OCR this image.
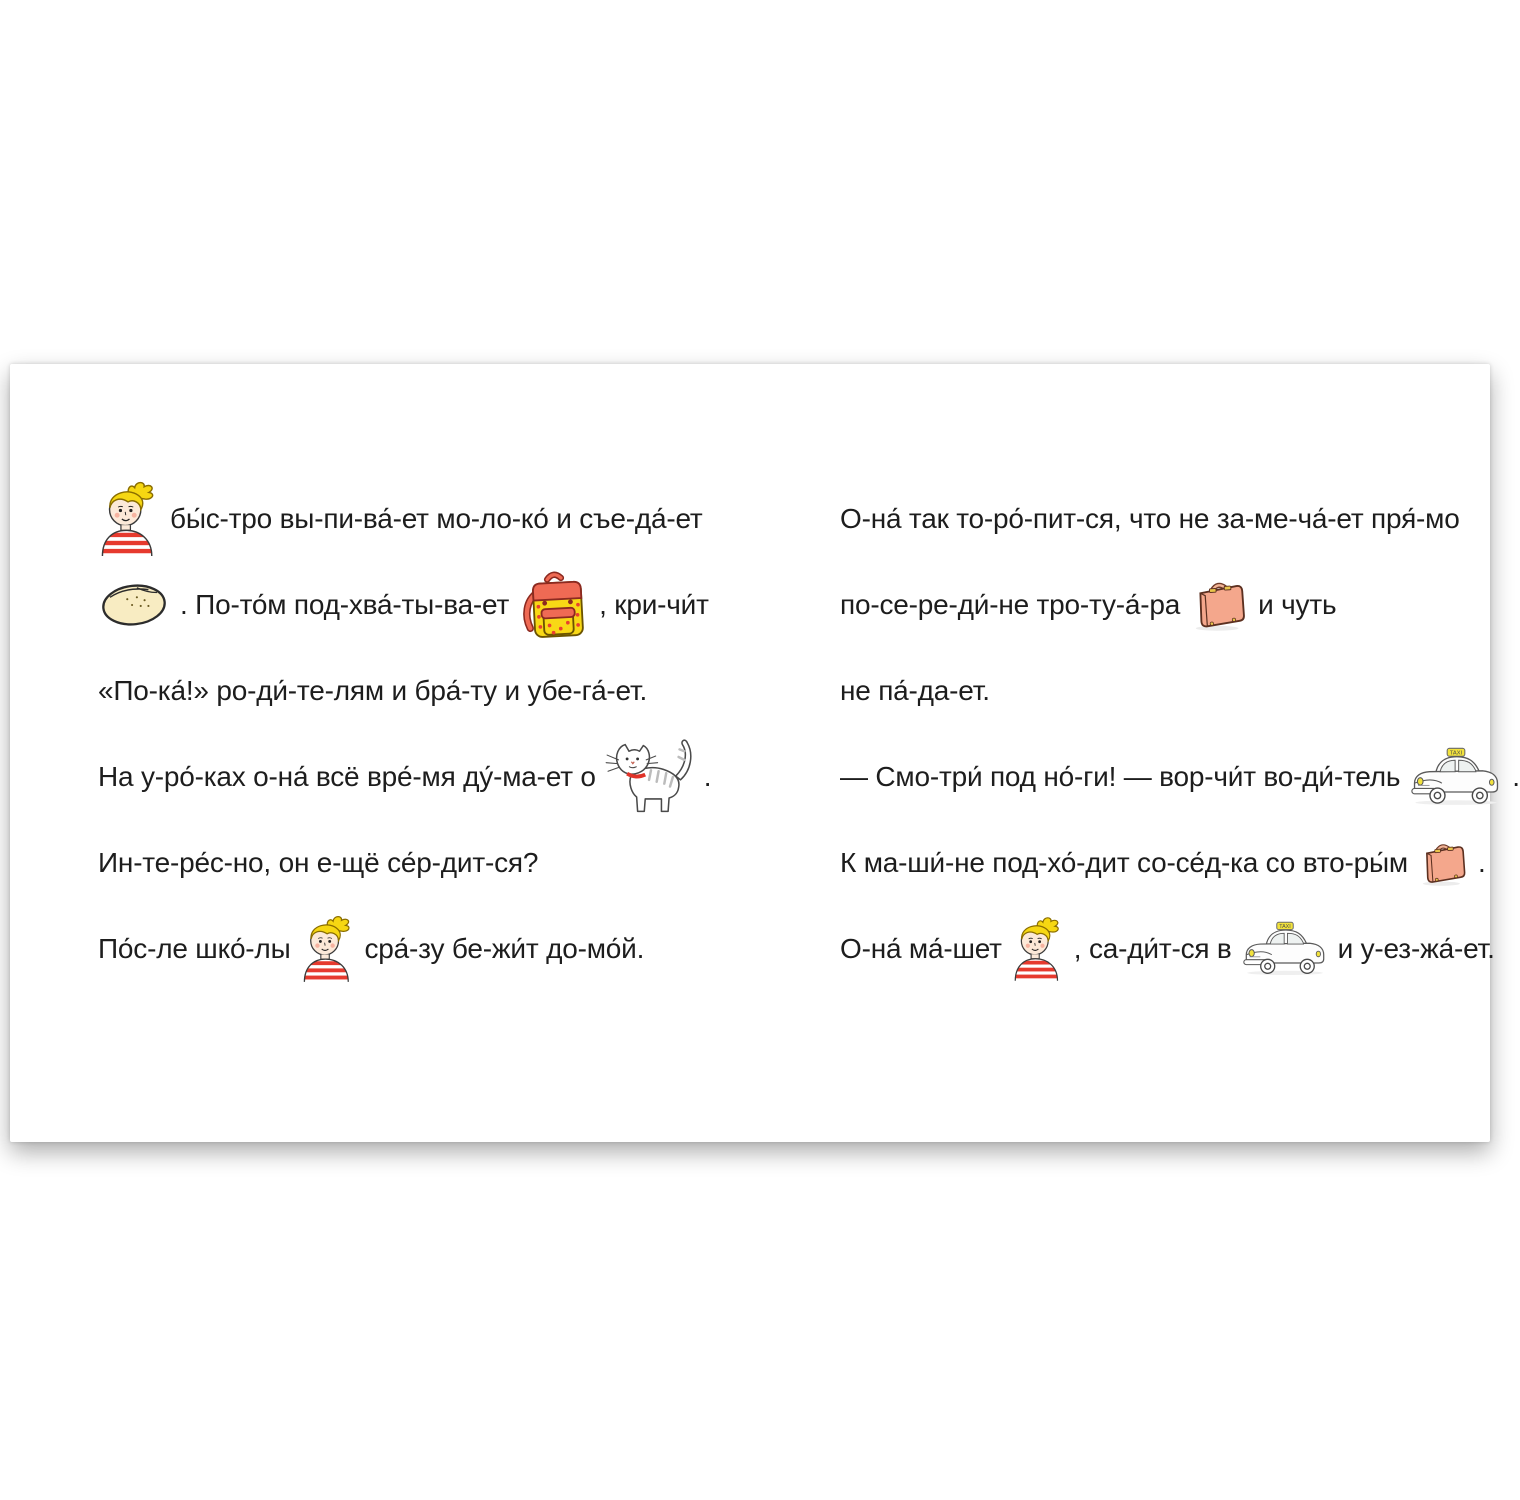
бы́с-тро вы-пи-ва́-ет мо-ло-ко́ и съе-да́-ет
. По-то́м под-хва́-ты-ва-ет	, кри-чи́т
«По-ка́!» ро-ди́-те-лям и бра́-ту и убе-га́-ет.
На у-ро́-ках о-на́ всё вре́-мя ду́-ма-ет о	.
Ин-те-ре́с-но, он е-щё се́р-дит-ся?
По́с-ле шко́-лы	сра́-зу бе-жи́т до-мо́й.
О-на́ так то-ро́-пит-ся, что не за-ме-ча́-ет пря́-мо
по-се-ре-ди́-не тро-ту-а́-ра	и чуть
не па́-да-ет.
— Смо-три́ под но́-ги! — вор-чи́т во-ди́-тель
TAXI
.
К ма-ши́-не под-хо́-дит со-се́д-ка со вто-ры́м	.
О-на́ ма́-шет	, са-ди́т-ся в
TAXI
и у-ез-жа́-ет.
